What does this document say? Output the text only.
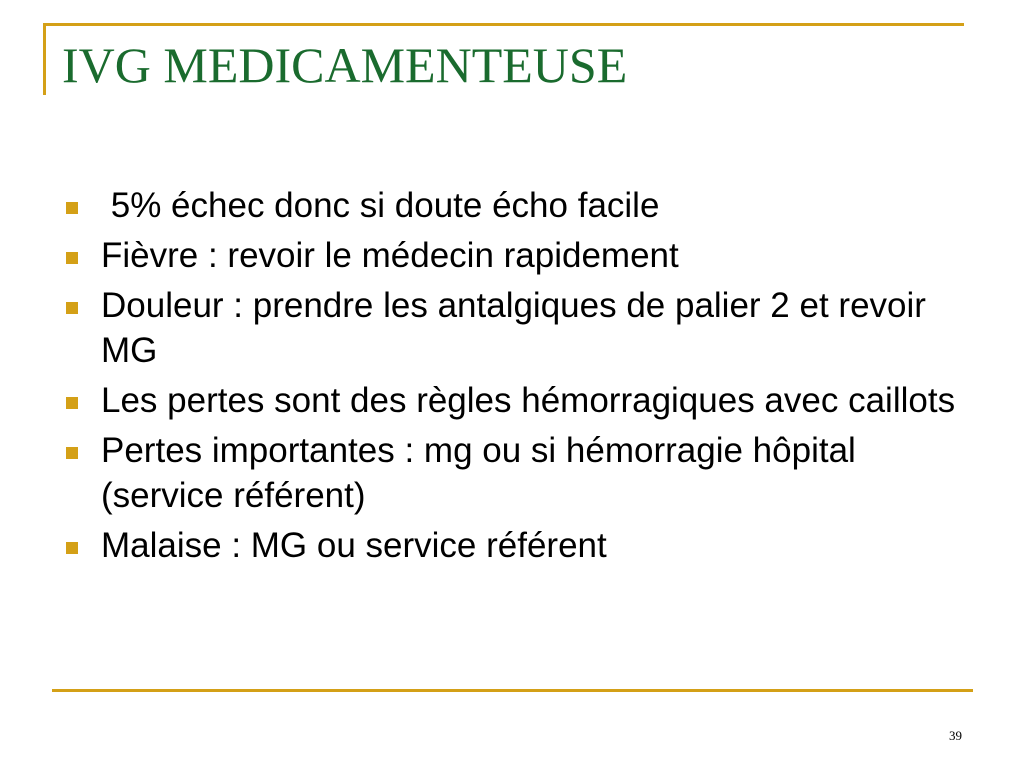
IVG MEDICAMENTEUSE
5% échec donc si doute écho facile
Fièvre : revoir le médecin rapidement
Douleur : prendre les antalgiques de palier 2 et revoir MG
Les pertes sont des règles hémorragiques avec caillots
Pertes importantes : mg ou si hémorragie hôpital (service référent)
Malaise : MG ou service référent
39
